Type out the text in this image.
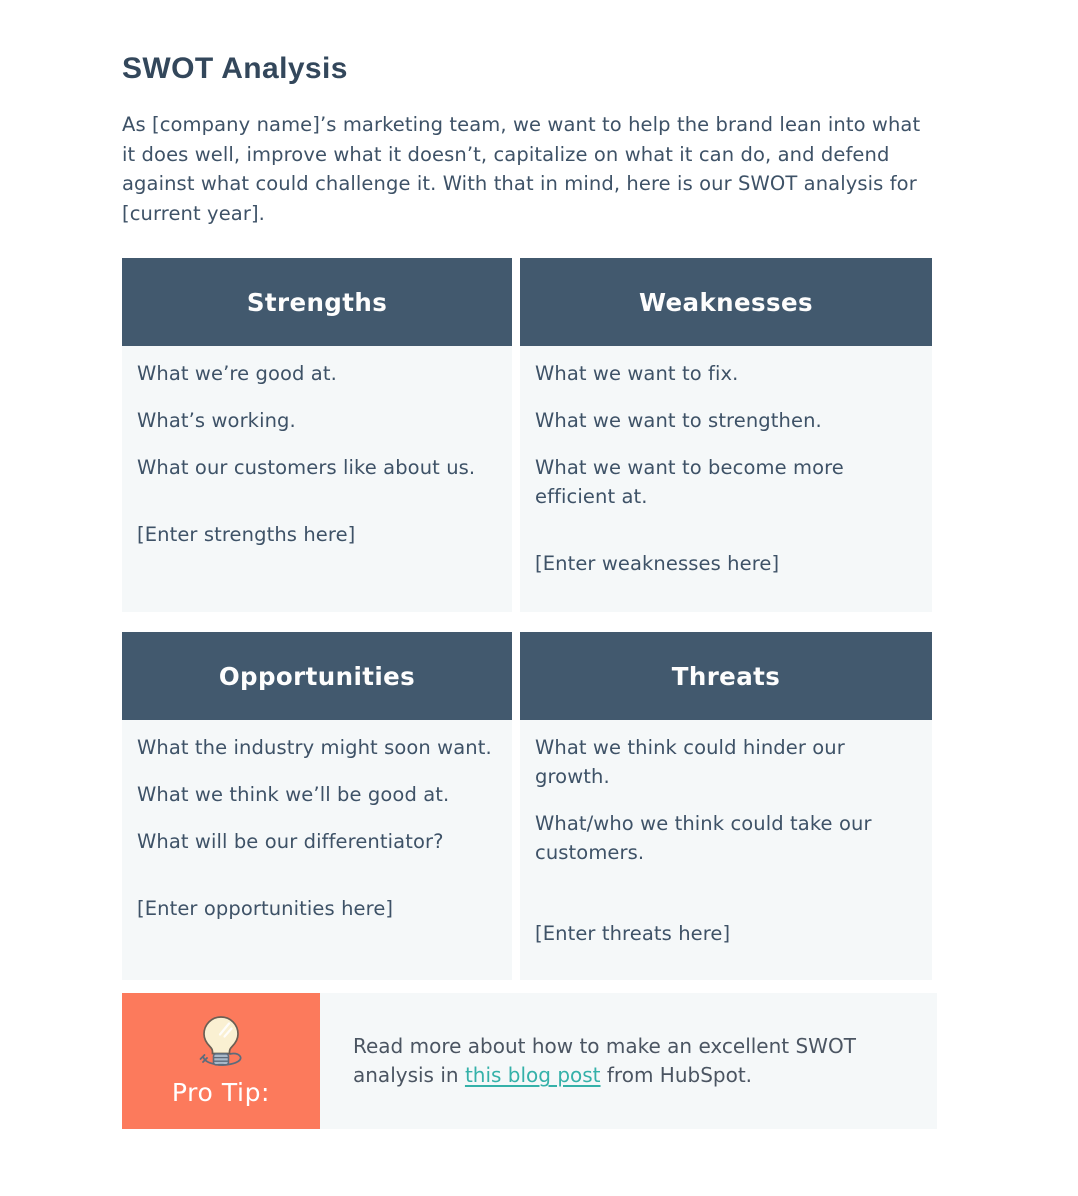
SWOT Analysis

As [company name]’s marketing team, we want to help the brand lean into what it does well, improve what it doesn’t, capitalize on what it can do, and defend against what could challenge it. With that in mind, here is our SWOT analysis for [current year].

Strengths

What we’re good at.

What’s working.

What our customers like about us.

[Enter strengths here]

Weaknesses

What we want to fix.

What we want to strengthen.

What we want to become more efficient at.

[Enter weaknesses here]

Opportunities

What the industry might soon want.

What we think we’ll be good at.

What will be our differentiator?

[Enter opportunities here]

Threats

What we think could hinder our growth.

What/who we think could take our customers.

[Enter threats here]

Pro Tip:

Read more about how to make an excellent SWOT analysis in this blog post from HubSpot.
